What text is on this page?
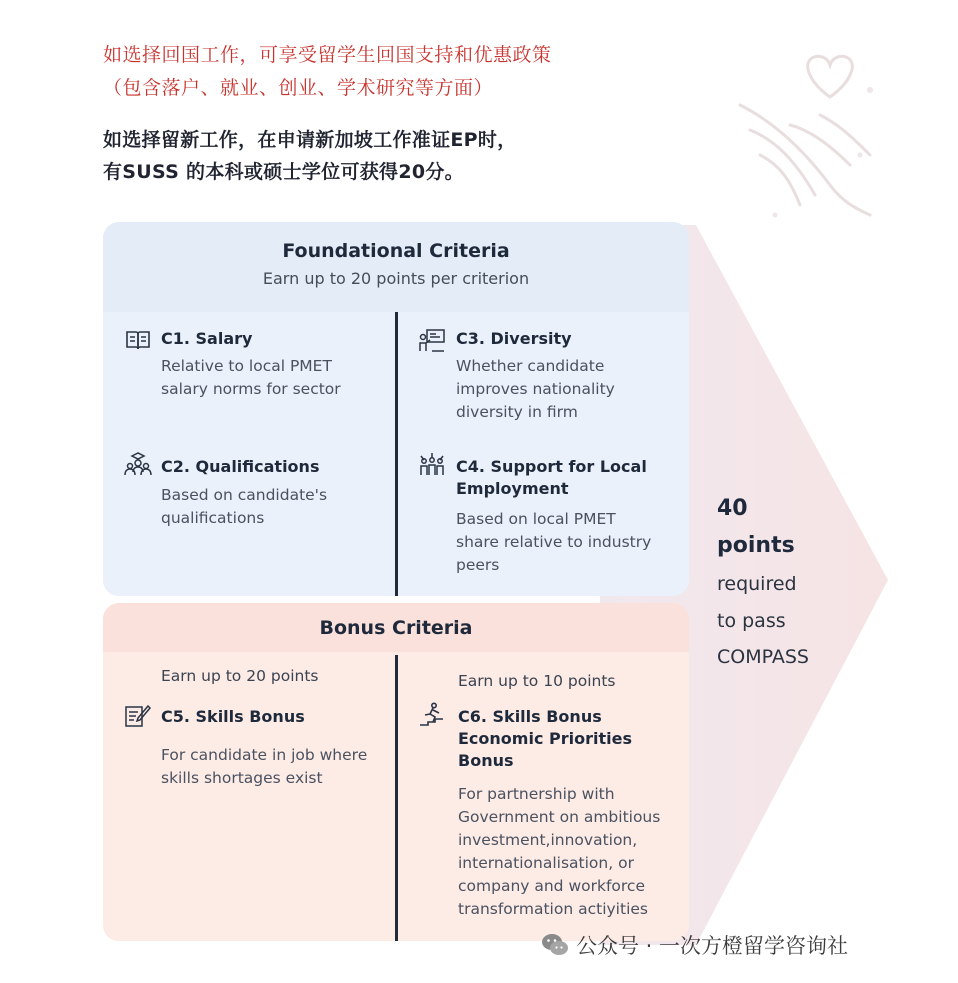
如选择回国工作，可享受留学生回国支持和优惠政策
（包含落户、就业、创业、学术研究等方面）
如选择留新工作，在申请新加坡工作准证EP时，
有SUSS 的本科或硕士学位可获得20分。
Foundational Criteria
Earn up to 20 points per criterion
C1. Salary
Relative to local PMET
salary norms for sector
C2. Qualifications
Based on candidate's
qualifications
C3. Diversity
Whether candidate
improves nationality
diversity in firm
C4. Support for Local
Employment
Based on local PMET
share relative to industry
peers
Bonus Criteria
Earn up to 20 points
C5. Skills Bonus
For candidate in job where
skills shortages exist
Earn up to 10 points
C6. Skills Bonus
Economic Priorities
Bonus
For partnership with
Government on ambitious
investment,innovation,
internationalisation, or
company and workforce
transformation actiyities
40
points
required
to pass
COMPASS
公众号 · 一次方橙留学咨询社
